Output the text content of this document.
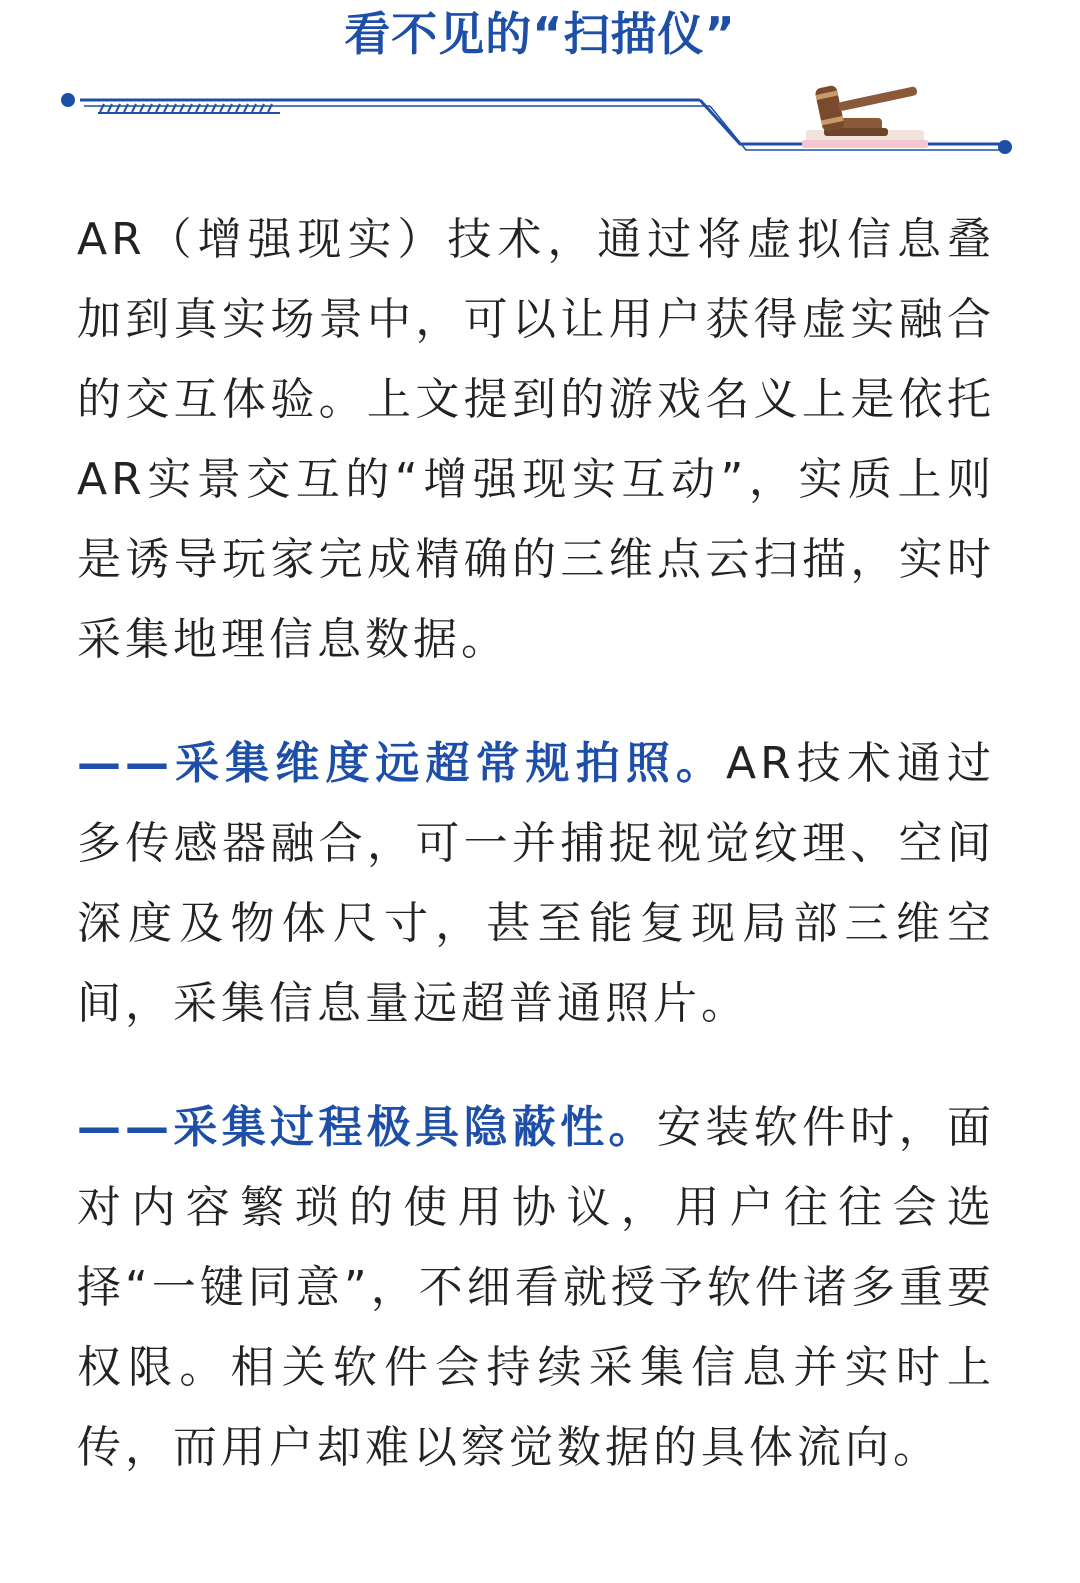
看不见的“扫描仪”

AR（增强现实）技术，通过将虚拟信息叠加到真实场景中，可以让用户获得虚实融合的交互体验。上文提到的游戏名义上是依托AR实景交互的“增强现实互动”，实质上则是诱导玩家完成精确的三维点云扫描，实时采集地理信息数据。

——采集维度远超常规拍照。AR技术通过多传感器融合，可一并捕捉视觉纹理、空间深度及物体尺寸，甚至能复现局部三维空间，采集信息量远超普通照片。

——采集过程极具隐蔽性。安装软件时，面对内容繁琐的使用协议，用户往往会选择“一键同意”，不细看就授予软件诸多重要权限。相关软件会持续采集信息并实时上传，而用户却难以察觉数据的具体流向。
